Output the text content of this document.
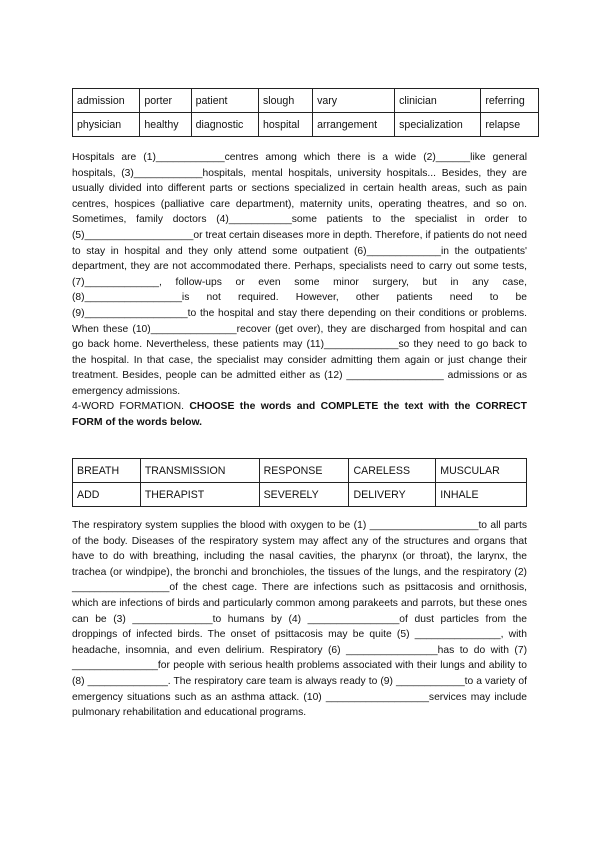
admission	porter	patient	slough	vary	clinician	referring
physician	healthy	diagnostic	hospital	arrangement	specialization	relapse

Hospitals are (1)____________centres among which there is a wide (2)______like general hospitals, (3)____________hospitals, mental hospitals, university hospitals... Besides, they are usually divided into different parts or sections specialized in certain health areas, such as pain centres, hospices (palliative care department), maternity units, operating theatres, and so on. Sometimes, family doctors (4)___________some patients to the specialist in order to (5)___________________or treat certain diseases more in depth. Therefore, if patients do not need to stay in hospital and they only attend some outpatient (6)_____________in the outpatients' department, they are not accommodated there. Perhaps, specialists need to carry out some tests, (7)_____________, follow-ups or even some minor surgery, but in any case, (8)_________________is not required. However, other patients need to be (9)__________________to the hospital and stay there depending on their conditions or problems. When these (10)_______________recover (get over), they are discharged from hospital and can go back home. Nevertheless, these patients may (11)_____________so they need to go back to the hospital. In that case, the specialist may consider admitting them again or just change their treatment. Besides, people can be admitted either as (12) _________________ admissions or as emergency admissions.

4-WORD FORMATION. CHOOSE the words and COMPLETE the text with the CORRECT FORM of the words below.

BREATH	TRANSMISSION	RESPONSE	CARELESS	MUSCULAR
ADD	THERAPIST	SEVERELY	DELIVERY	INHALE

The respiratory system supplies the blood with oxygen to be (1) ___________________to all parts of the body. Diseases of the respiratory system may affect any of the structures and organs that have to do with breathing, including the nasal cavities, the pharynx (or throat), the larynx, the trachea (or windpipe), the bronchi and bronchioles, the tissues of the lungs, and the respiratory (2) _________________of the chest cage. There are infections such as psittacosis and ornithosis, which are infections of birds and particularly common among parakeets and parrots, but these ones can be (3) ______________to humans by (4) ________________of dust particles from the droppings of infected birds. The onset of psittacosis may be quite (5) _______________, with headache, insomnia, and even delirium. Respiratory (6) ________________has to do with (7) _______________for people with serious health problems associated with their lungs and ability to (8) ______________. The respiratory care team is always ready to (9) ____________to a variety of emergency situations such as an asthma attack. (10) __________________services may include pulmonary rehabilitation and educational programs.
